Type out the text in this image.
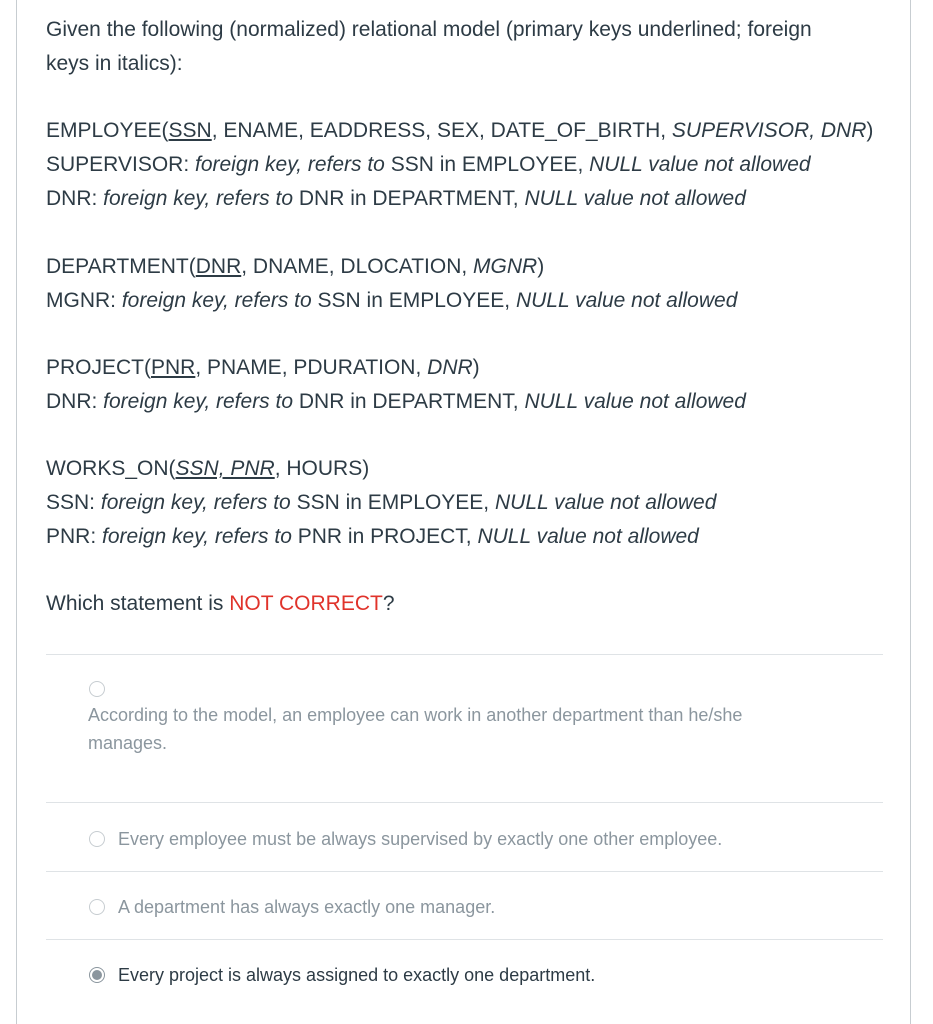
Given the following (normalized) relational model (primary keys underlined; foreign
keys in italics):
EMPLOYEE(SSN, ENAME, EADDRESS, SEX, DATE_OF_BIRTH, SUPERVISOR, DNR)
SUPERVISOR: foreign key, refers to SSN in EMPLOYEE, NULL value not allowed
DNR: foreign key, refers to DNR in DEPARTMENT, NULL value not allowed
DEPARTMENT(DNR, DNAME, DLOCATION, MGNR)
MGNR: foreign key, refers to SSN in EMPLOYEE, NULL value not allowed
PROJECT(PNR, PNAME, PDURATION, DNR)
DNR: foreign key, refers to DNR in DEPARTMENT, NULL value not allowed
WORKS_ON(SSN, PNR, HOURS)
SSN: foreign key, refers to SSN in EMPLOYEE, NULL value not allowed
PNR: foreign key, refers to PNR in PROJECT, NULL value not allowed
Which statement is NOT CORRECT?
According to the model, an employee can work in another department than he/she
manages.
Every employee must be always supervised by exactly one other employee.
A department has always exactly one manager.
Every project is always assigned to exactly one department.
